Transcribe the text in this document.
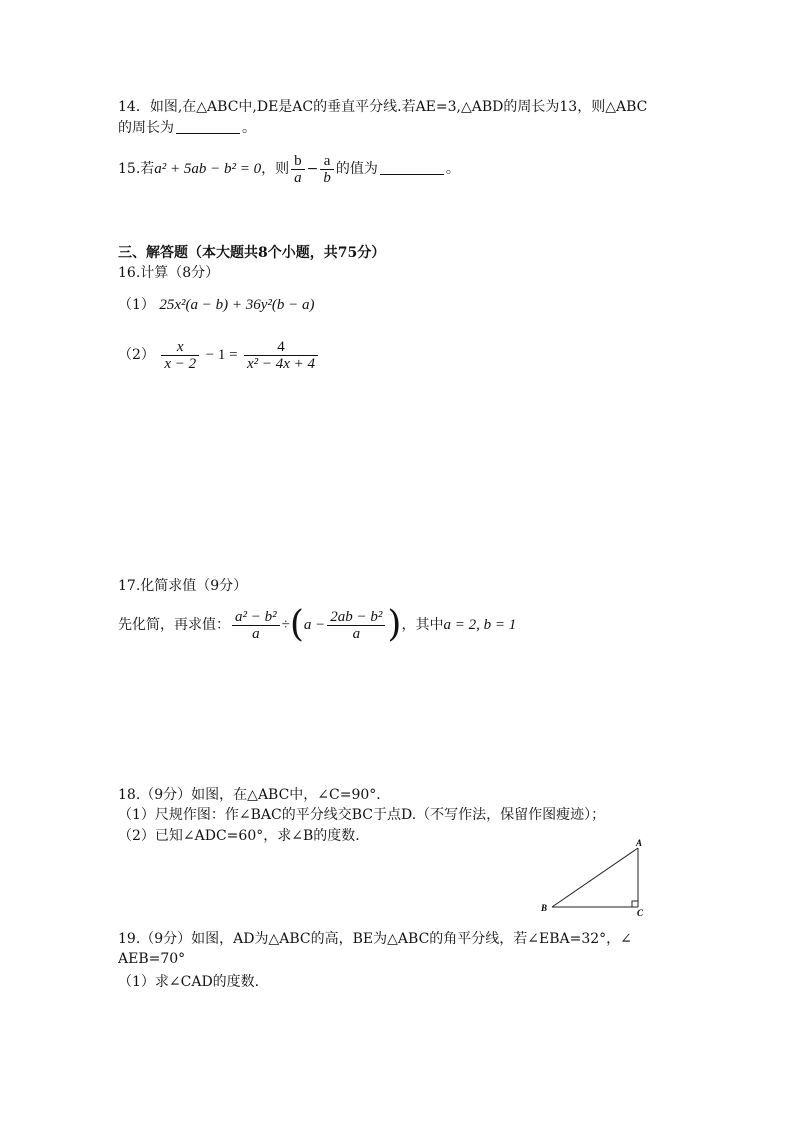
14．如图,在△ABC中,DE是AC的垂直平分线.若AE=3,△ABD的周长为13，则△ABC
的周长为	。
15.若a² + 5ab − b² = 0，则 $\frac{b}{a} - \frac{a}{b}$ 的值为	。
三、解答题（本大题共8个小题，共75分）
16.计算（8分）
（1） 25x²(a − b) + 36y²(b − a)
$(2) \frac{x}{x - 2} - 1 = \frac{4}{\text{x² − 4x + 4}}$
17.化简求值（9分）
先化简，再求值： $\frac{\text{a² − b²}}{a} \div(a - \frac{\text{2ab − b²}}{a}$ )，其中a = 2, b = 1
18.（9分）如图，在△ABC中，∠C=90°．
（1）尺规作图：作∠BAC的平分线交BC于点D.（不写作法，保留作图瘦迹）；
（2）已知∠ADC=60°，求∠B的度数.	A
B	C
19.（9分）如图，AD为△ABC的高，BE为△ABC的角平分线，若∠EBA=32°，∠
AEB=70°
（1）求∠CAD的度数.
